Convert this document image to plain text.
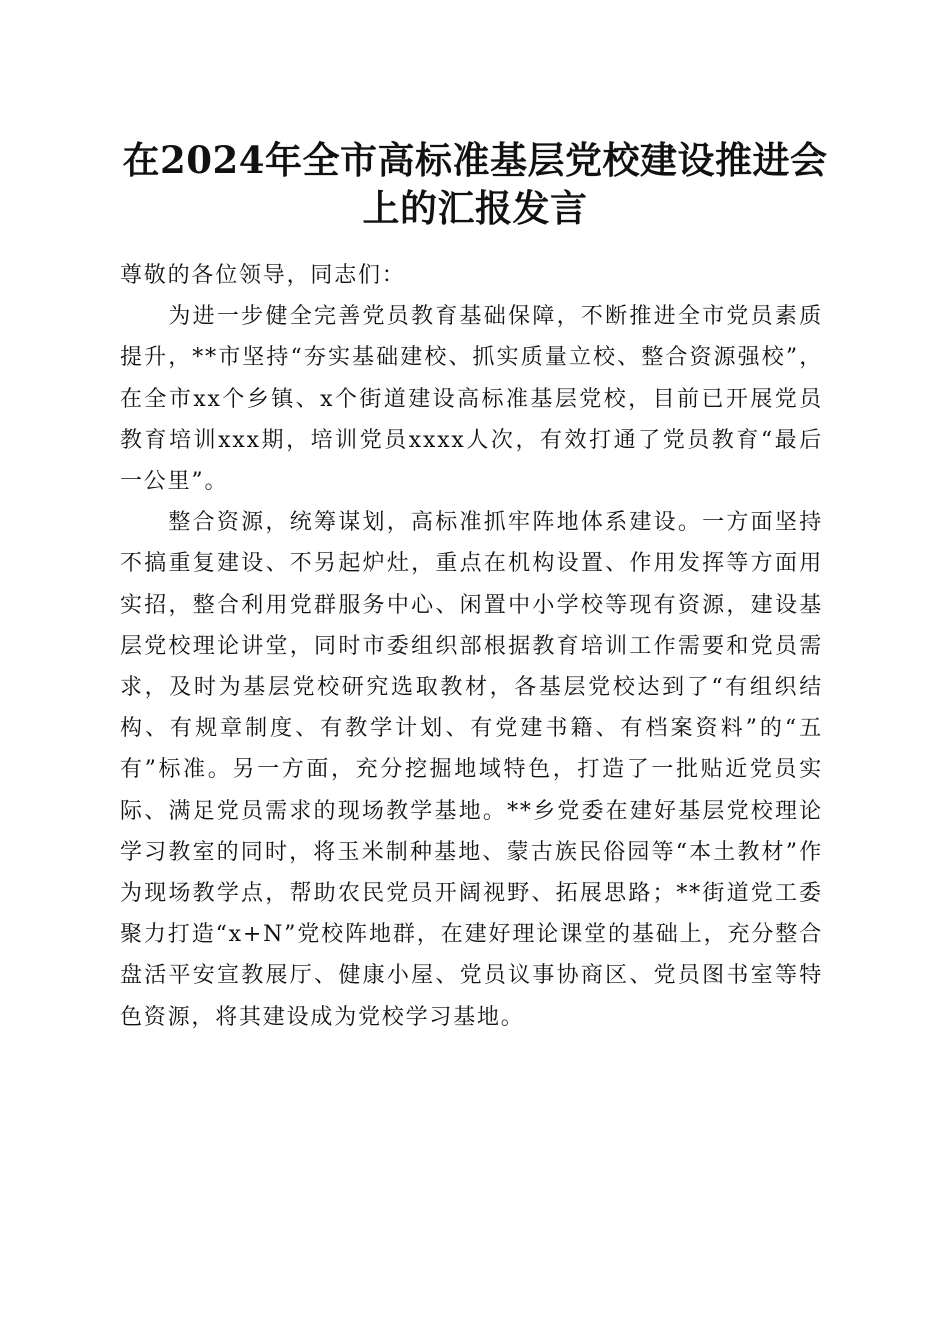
在2024年全市高标准基层党校建设推进会上的汇报发言

尊敬的各位领导，同志们：

为进一步健全完善党员教育基础保障，不断推进全市党员素质提升，**市坚持“夯实基础建校、抓实质量立校、整合资源强校”，在全市xx个乡镇、x个街道建设高标准基层党校，目前已开展党员教育培训xxx期，培训党员xxxx人次，有效打通了党员教育“最后一公里”。

整合资源，统筹谋划，高标准抓牢阵地体系建设。一方面坚持不搞重复建设、不另起炉灶，重点在机构设置、作用发挥等方面用实招，整合利用党群服务中心、闲置中小学校等现有资源，建设基层党校理论讲堂，同时市委组织部根据教育培训工作需要和党员需求，及时为基层党校研究选取教材，各基层党校达到了“有组织结构、有规章制度、有教学计划、有党建书籍、有档案资料”的“五有”标准。另一方面，充分挖掘地域特色，打造了一批贴近党员实际、满足党员需求的现场教学基地。**乡党委在建好基层党校理论学习教室的同时，将玉米制种基地、蒙古族民俗园等“本土教材”作为现场教学点，帮助农民党员开阔视野、拓展思路；**街道党工委聚力打造“x+N”党校阵地群，在建好理论课堂的基础上，充分整合盘活平安宣教展厅、健康小屋、党员议事协商区、党员图书室等特色资源，将其建设成为党校学习基地。
